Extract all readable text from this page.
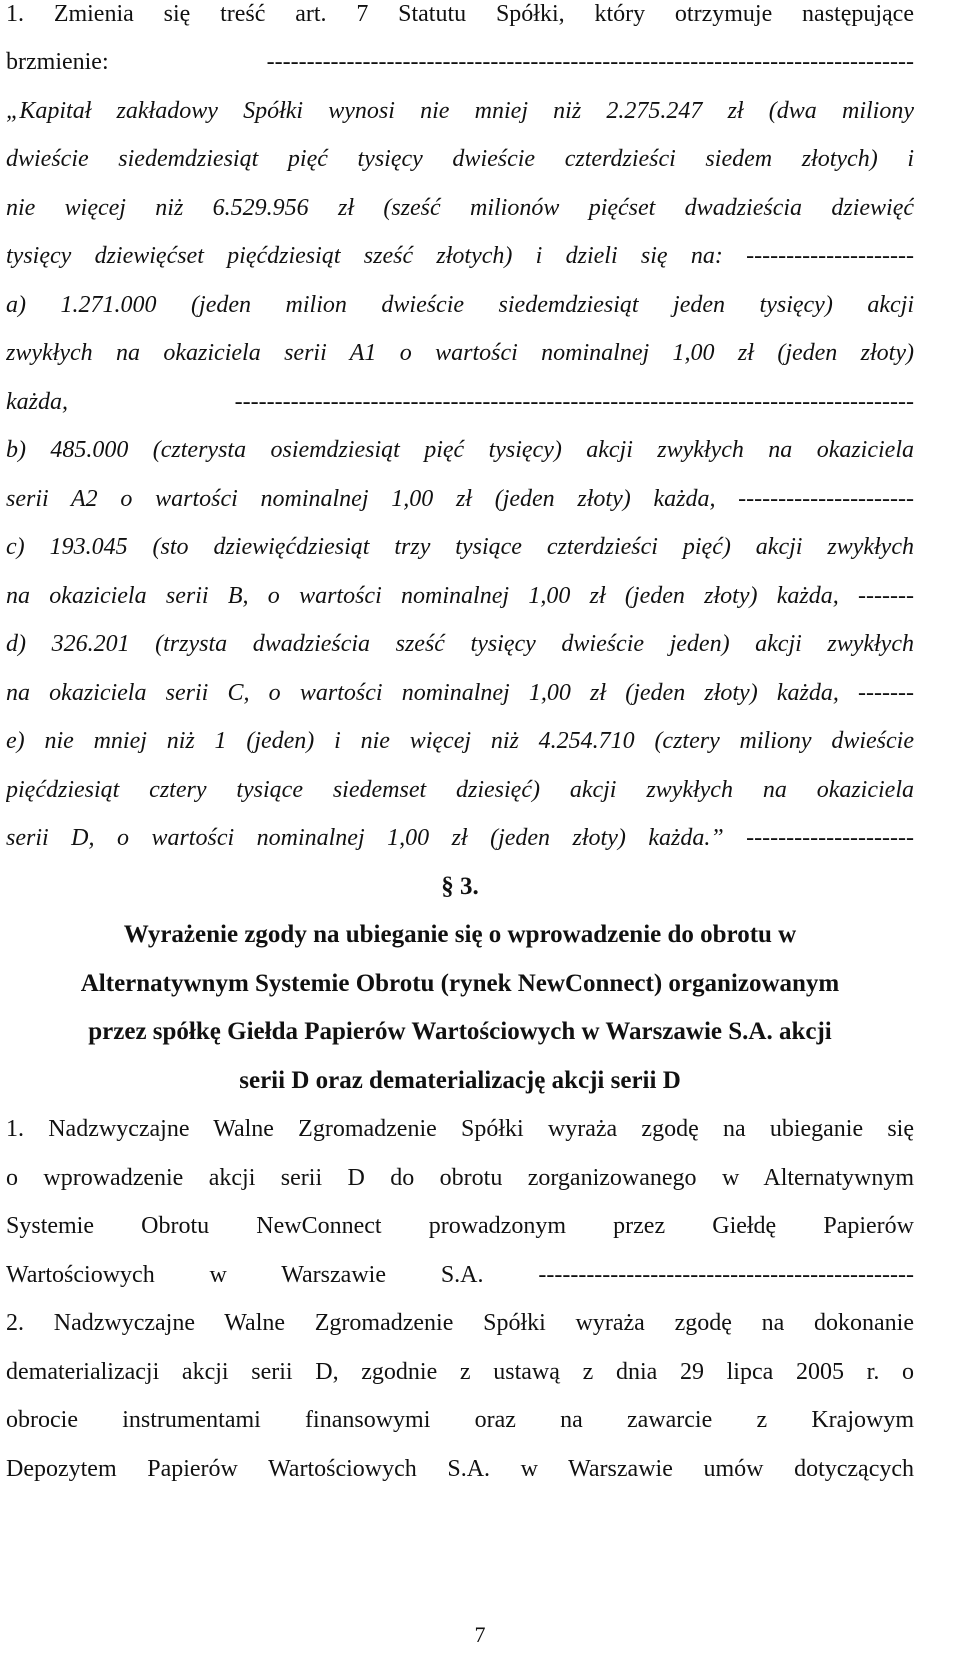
1. Zmienia się treść art. 7 Statutu Spółki, który otrzymuje następujące
brzmienie: ---------------------------------------------------------------------------------
„Kapitał zakładowy Spółki wynosi nie mniej niż 2.275.247 zł (dwa miliony
dwieście siedemdziesiąt pięć tysięcy dwieście czterdzieści siedem złotych) i
nie więcej niż 6.529.956 zł (sześć milionów pięćset dwadzieścia dziewięć
tysięcy dziewięćset pięćdziesiąt sześć złotych) i dzieli się na: ---------------------
a) 1.271.000 (jeden milion dwieście siedemdziesiąt jeden tysięcy) akcji
zwykłych na okaziciela serii A1 o wartości nominalnej 1,00 zł (jeden złoty)
każda, -------------------------------------------------------------------------------------
b) 485.000 (czterysta osiemdziesiąt pięć tysięcy) akcji zwykłych na okaziciela
serii A2 o wartości nominalnej 1,00 zł (jeden złoty) każda, ----------------------
c) 193.045 (sto dziewięćdziesiąt trzy tysiące czterdzieści pięć) akcji zwykłych
na okaziciela serii B, o wartości nominalnej 1,00 zł (jeden złoty) każda, -------
d) 326.201 (trzysta dwadzieścia sześć tysięcy dwieście jeden) akcji zwykłych
na okaziciela serii C, o wartości nominalnej 1,00 zł (jeden złoty) każda, -------
e) nie mniej niż 1 (jeden) i nie więcej niż 4.254.710 (cztery miliony dwieście
pięćdziesiąt cztery tysiące siedemset dziesięć) akcji zwykłych na okaziciela
serii D, o wartości nominalnej 1,00 zł (jeden złoty) każda.” ---------------------
§ 3.
Wyrażenie zgody na ubieganie się o wprowadzenie do obrotu w
Alternatywnym Systemie Obrotu (rynek NewConnect) organizowanym
przez spółkę Giełda Papierów Wartościowych w Warszawie S.A. akcji
serii D oraz dematerializację akcji serii D
1. Nadzwyczajne Walne Zgromadzenie Spółki wyraża zgodę na ubieganie się
o wprowadzenie akcji serii D do obrotu zorganizowanego w Alternatywnym
Systemie Obrotu NewConnect prowadzonym przez Giełdę Papierów
Wartościowych w Warszawie S.A. -----------------------------------------------
2. Nadzwyczajne Walne Zgromadzenie Spółki wyraża zgodę na dokonanie
dematerializacji akcji serii D, zgodnie z ustawą z dnia 29 lipca 2005 r. o
obrocie instrumentami finansowymi oraz na zawarcie z Krajowym
Depozytem Papierów Wartościowych S.A. w Warszawie umów dotyczących
7
